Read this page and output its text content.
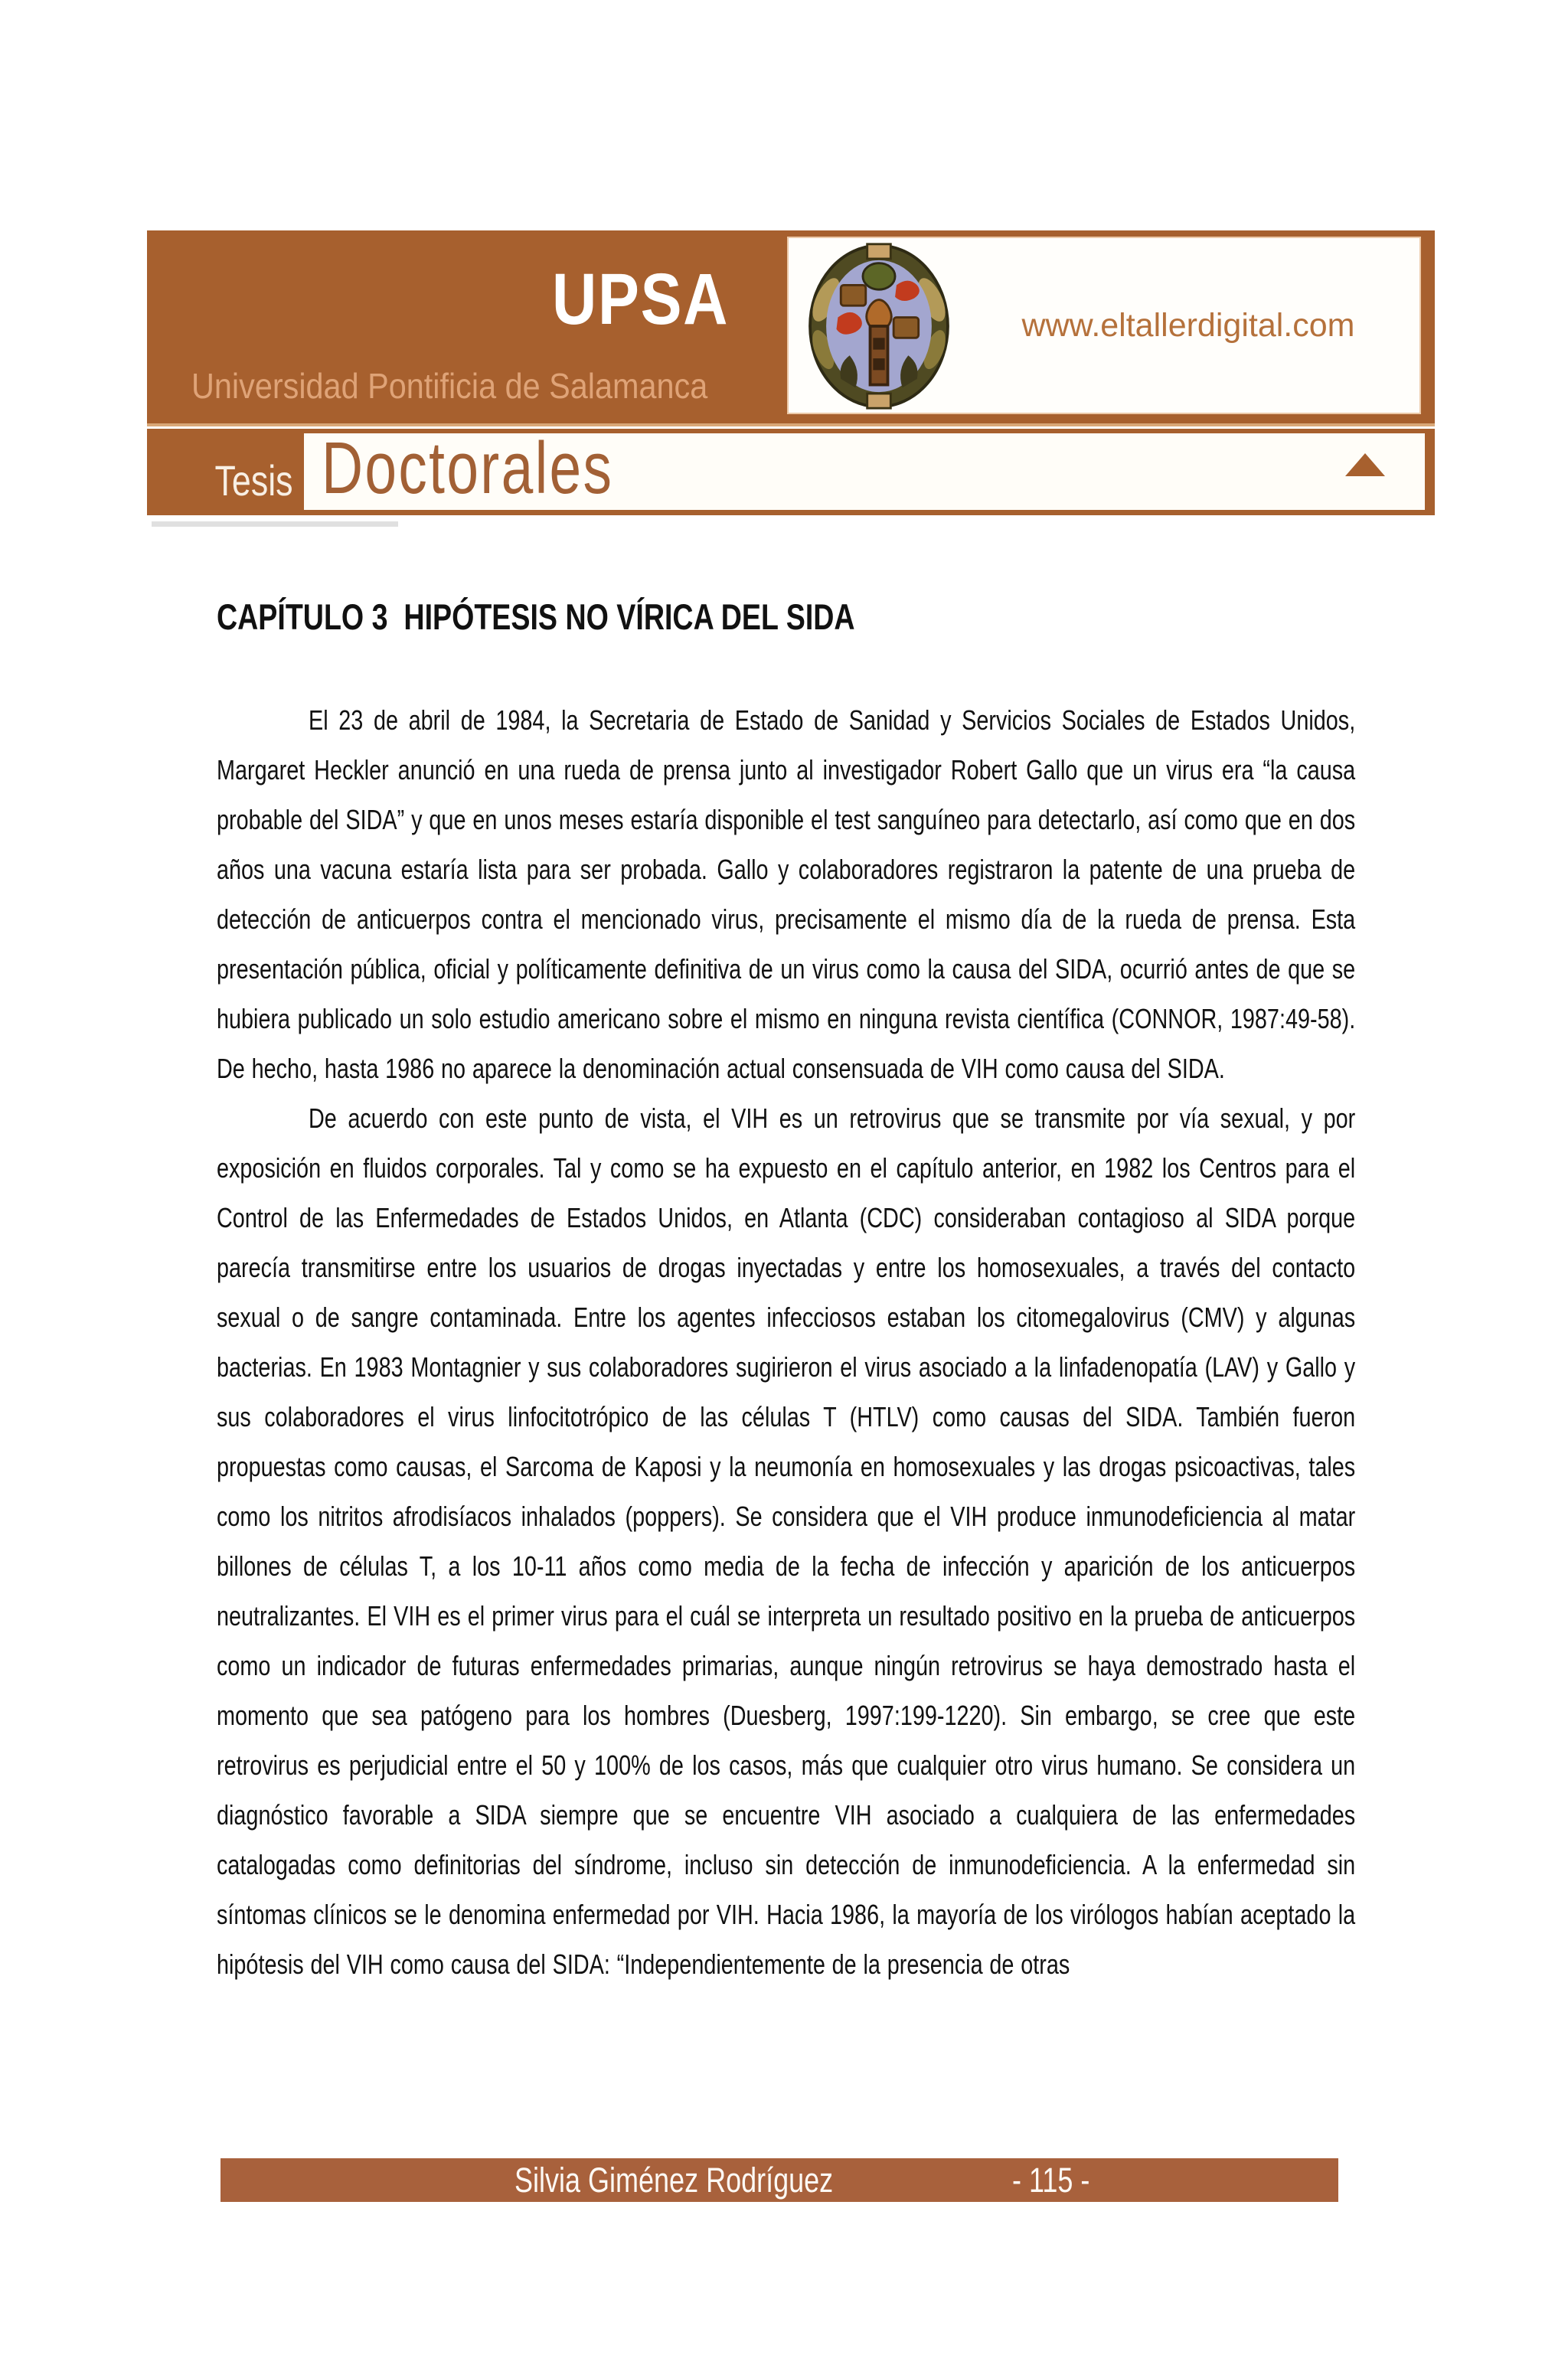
UPSA
Universidad Pontificia de Salamanca
www.eltallerdigital.com
Tesis Doctorales
CAPÍTULO 3  HIPÓTESIS NO VÍRICA DEL SIDA

El 23 de abril de 1984, la Secretaria de Estado de Sanidad y Servicios Sociales de Estados Unidos, Margaret Heckler anunció en una rueda de prensa junto al investigador Robert Gallo que un virus era “la causa probable del SIDA” y que en unos meses estaría disponible el test sanguíneo para detectarlo, así como que en dos años una vacuna estaría lista para ser probada. Gallo y colaboradores registraron la patente de una prueba de detección de anticuerpos contra el mencionado virus, precisamente el mismo día de la rueda de prensa. Esta presentación pública, oficial y políticamente definitiva de un virus como la causa del SIDA, ocurrió antes de que se hubiera publicado un solo estudio americano sobre el mismo en ninguna revista científica (CONNOR, 1987:49-58). De hecho, hasta 1986 no aparece la denominación actual consensuada de VIH como causa del SIDA.

De acuerdo con este punto de vista, el VIH es un retrovirus que se transmite por vía sexual, y por exposición en fluidos corporales. Tal y como se ha expuesto en el capítulo anterior, en 1982 los Centros para el Control de las Enfermedades de Estados Unidos, en Atlanta (CDC) consideraban contagioso al SIDA porque parecía transmitirse entre los usuarios de drogas inyectadas y entre los homosexuales, a través del contacto sexual o de sangre contaminada. Entre los agentes infecciosos estaban los citomegalovirus (CMV) y algunas bacterias. En 1983 Montagnier y sus colaboradores sugirieron el virus asociado a la linfadenopatía (LAV) y Gallo y sus colaboradores el virus linfocitotrópico de las células T (HTLV) como causas del SIDA. También fueron propuestas como causas, el Sarcoma de Kaposi y la neumonía en homosexuales y las drogas psicoactivas, tales como los nitritos afrodisíacos inhalados (poppers). Se considera que el VIH produce inmunodeficiencia al matar billones de células T, a los 10-11 años como media de la fecha de infección y aparición de los anticuerpos neutralizantes. El VIH es el primer virus para el cuál se interpreta un resultado positivo en la prueba de anticuerpos como un indicador de futuras enfermedades primarias, aunque ningún retrovirus se haya demostrado hasta el momento que sea patógeno para los hombres (Duesberg, 1997:199-1220). Sin embargo, se cree que este retrovirus es perjudicial entre el 50 y 100% de los casos, más que cualquier otro virus humano. Se considera un diagnóstico favorable a SIDA siempre que se encuentre VIH asociado a cualquiera de las enfermedades catalogadas como definitorias del síndrome, incluso sin detección de inmunodeficiencia. A la enfermedad sin síntomas clínicos se le denomina enfermedad por VIH. Hacia 1986, la mayoría de los virólogos habían aceptado la hipótesis del VIH como causa del SIDA: “Independientemente de la presencia de otras

Silvia Giménez Rodríguez	- 115 -
